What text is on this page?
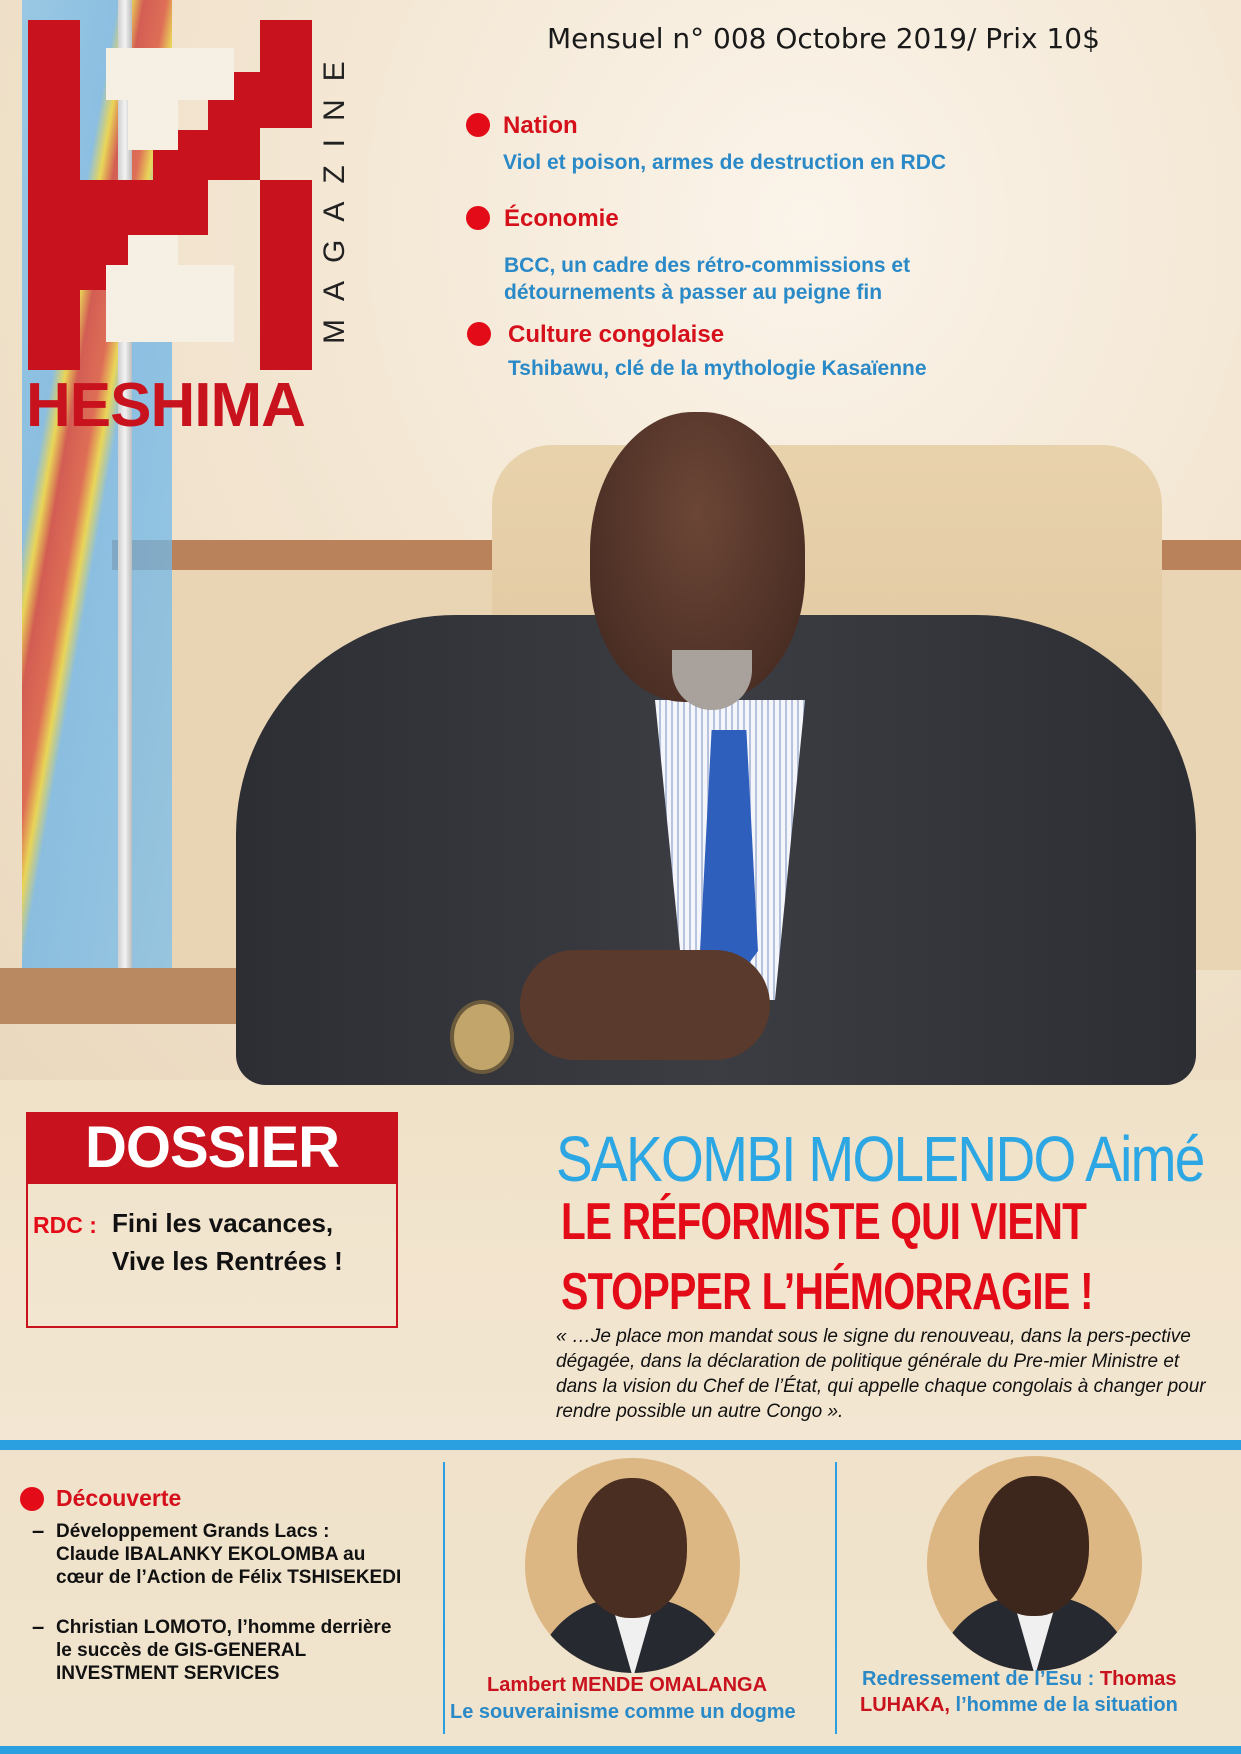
HESHIMA
MAGAZINE
Mensuel n° 008 Octobre 2019/ Prix 10$
Nation
Viol et poison, armes de destruction en RDC
Économie
BCC, un cadre des rétro-commissions et
détournements à passer au peigne fin
Culture congolaise
Tshibawu, clé de la mythologie Kasaïenne
DOSSIER
RDC : Fini les vacances,
Vive les Rentrées !
SAKOMBI MOLENDO Aimé
LE RÉFORMISTE QUI VIENT
STOPPER L’HÉMORRAGIE !
« …Je place mon mandat sous le signe du renouveau, dans la pers-pective dégagée, dans la déclaration de politique générale du Pre-mier Ministre et dans la vision du Chef de l’État, qui appelle chaque congolais à changer pour rendre possible un autre Congo ».
Découverte
– Développement Grands Lacs :
Claude IBALANKY EKOLOMBA au
cœur de l’Action de Félix TSHISEKEDI
– Christian LOMOTO, l’homme derrière
le succès de GIS-GENERAL
INVESTMENT SERVICES
Lambert MENDE OMALANGA
Le souverainisme comme un dogme
Redressement de l’Esu : Thomas
LUHAKA, l’homme de la situation
